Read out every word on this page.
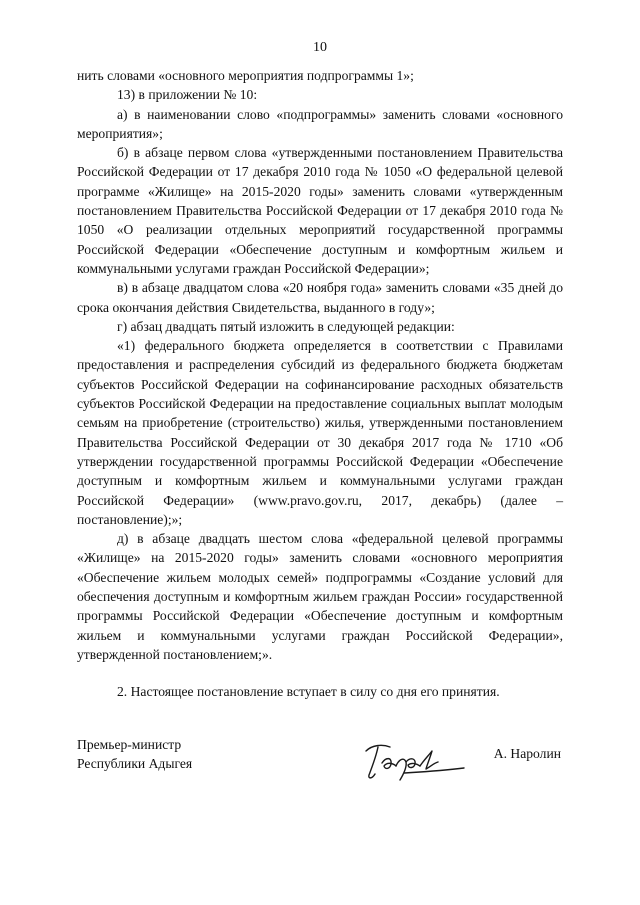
10

нить словами «основного мероприятия подпрограммы 1»;

13) в приложении № 10:

а) в наименовании слово «подпрограммы» заменить словами «основного мероприятия»;

б) в абзаце первом слова «утвержденными постановлением Правительства Российской Федерации от 17 декабря 2010 года № 1050 «О федеральной целевой программе «Жилище» на 2015-2020 годы» заменить словами «утвержденным постановлением Правительства Российской Федерации от 17 декабря 2010 года № 1050 «О реализации отдельных мероприятий государственной программы Российской Федерации «Обеспечение доступным и комфортным жильем и коммунальными услугами граждан Российской Федерации»;

в) в абзаце двадцатом слова «20 ноября года» заменить словами «35 дней до срока окончания действия Свидетельства, выданного в году»;

г) абзац двадцать пятый изложить в следующей редакции:

«1) федерального бюджета определяется в соответствии с Правилами предоставления и распределения субсидий из федерального бюджета бюджетам субъектов Российской Федерации на софинансирование расходных обязательств субъектов Российской Федерации на предоставление социальных выплат молодым семьям на приобретение (строительство) жилья, утвержденными постановлением Правительства Российской Федерации от 30 декабря 2017 года № 1710 «Об утверждении государственной программы Российской Федерации «Обеспечение доступным и комфортным жильем и коммунальными услугами граждан Российской Федерации» (www.pravo.gov.ru, 2017, декабрь) (далее – постановление);»;

д) в абзаце двадцать шестом слова «федеральной целевой программы «Жилище» на 2015-2020 годы» заменить словами «основного мероприятия «Обеспечение жильем молодых семей» подпрограммы «Создание условий для обеспечения доступным и комфортным жильем граждан России» государственной программы Российской Федерации «Обеспечение доступным и комфортным жильем и коммунальными услугами граждан Российской Федерации», утвержденной постановлением;».

2. Настоящее постановление вступает в силу со дня его принятия.

Премьер-министр
Республики Адыгея
А. Наролин
